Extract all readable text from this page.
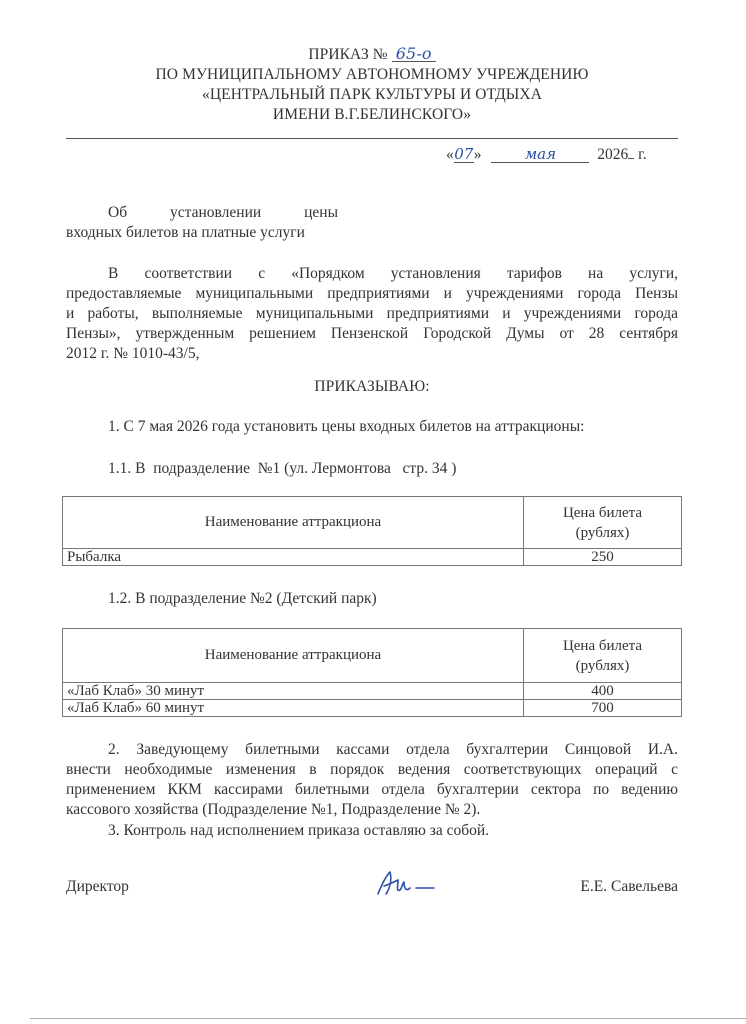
ПРИКАЗ № 65-о
ПО МУНИЦИПАЛЬНОМУ АВТОНОМНОМУ УЧРЕЖДЕНИЮ
«ЦЕНТРАЛЬНЫЙ ПАРК КУЛЬТУРЫ И ОТДЫХА
ИМЕНИ В.Г.БЕЛИНСКОГО»
«07»	мая	2026 г.
Об	установлении	цены
входных билетов на платные услуги
В соответствии с «Порядком установления тарифов на услуги,
предоставляемые муниципальными предприятиями и учреждениями города Пензы
и работы, выполняемые муниципальными предприятиями и учреждениями города
Пензы», утвержденным решением Пензенской Городской Думы от 28 сентября
2012 г. № 1010-43/5,
ПРИКАЗЫВАЮ:
1. С 7 мая 2026 года установить цены входных билетов на аттракционы:
1.1. В  подразделение  №1 (ул. Лермонтова   стр. 34 )
Наименование аттракциона	Цена билета
(рублях)

Рыбалка	250
1.2. В подразделение №2 (Детский парк)
Наименование аттракциона	Цена билета
(рублях)

«Лаб Клаб» 30 минут	400
«Лаб Клаб» 60 минут	700
2. Заведующему билетными кассами отдела бухгалтерии Синцовой И.А.
внести необходимые изменения в порядок ведения соответствующих операций с
применением ККМ кассирами билетными отдела бухгалтерии сектора по ведению
кассового хозяйства (Подразделение №1, Подразделение № 2).
3. Контроль над исполнением приказа оставляю за собой.
Директор	Е.Е. Савельева
